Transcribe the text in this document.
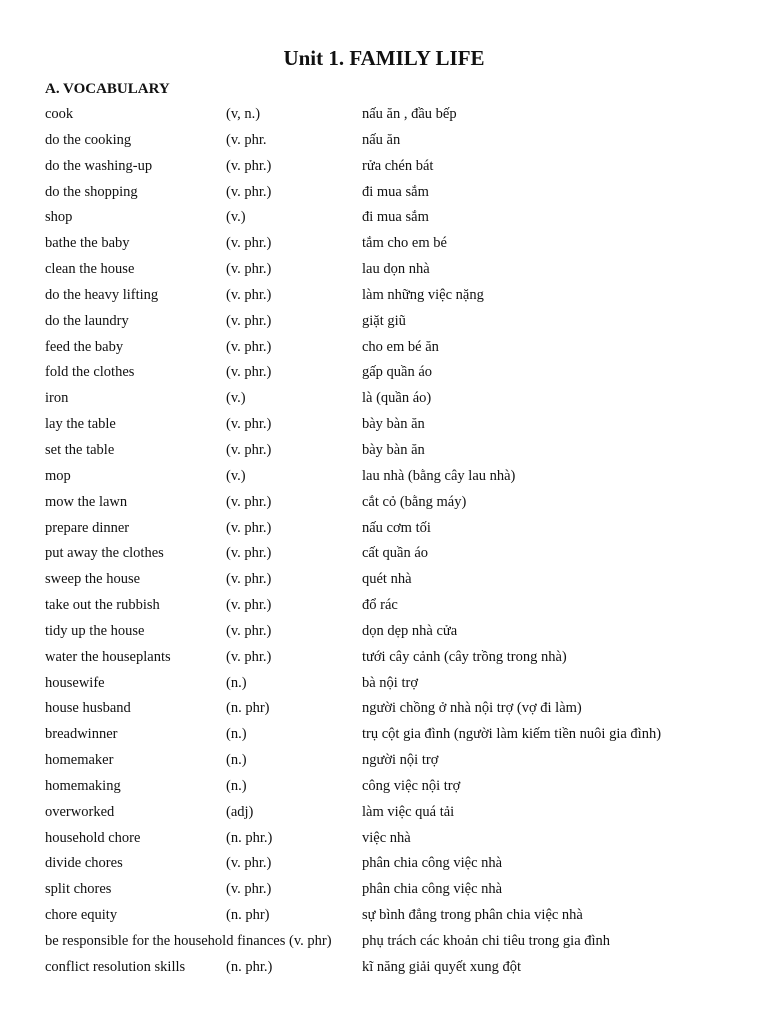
Unit 1. FAMILY LIFE
A. VOCABULARY
cook	(v, n.)	nấu ăn , đầu bếp
do the cooking	(v. phr.	nấu ăn
do the washing-up	(v. phr.)	rửa chén bát
do the shopping	(v. phr.)	đi mua sắm
shop	(v.)	đi mua sắm
bathe the baby	(v. phr.)	tắm cho em bé
clean the house	(v. phr.)	lau dọn nhà
do the heavy lifting	(v. phr.)	làm những việc nặng
do the laundry	(v. phr.)	giặt giũ
feed the baby	(v. phr.)	cho em bé ăn
fold the clothes	(v. phr.)	gấp quần áo
iron	(v.)	là (quần áo)
lay the table	(v. phr.)	bày bàn ăn
set the table	(v. phr.)	bày bàn ăn
mop	(v.)	lau nhà (bằng cây lau nhà)
mow the lawn	(v. phr.)	cắt cỏ (bằng máy)
prepare dinner	(v. phr.)	nấu cơm tối
put away the clothes	(v. phr.)	cất quần áo
sweep the house	(v. phr.)	quét nhà
take out the rubbish	(v. phr.)	đổ rác
tidy up the house	(v. phr.)	dọn dẹp nhà cửa
water the houseplants	(v. phr.)	tưới cây cảnh (cây trồng trong nhà)
housewife	(n.)	bà nội trợ
house husband	(n. phr)	người chồng ở nhà nội trợ (vợ đi làm)
breadwinner	(n.)	trụ cột gia đình (người làm kiếm tiền nuôi gia đình)
homemaker	(n.)	người nội trợ
homemaking	(n.)	công việc nội trợ
overworked	(adj)	làm việc quá tải
household chore	(n. phr.)	việc nhà
divide chores	(v. phr.)	phân chia công việc nhà
split chores	(v. phr.)	phân chia công việc nhà
chore equity	(n. phr)	sự bình đẳng trong phân chia việc nhà
be responsible for the household finances (v. phr) phụ trách các khoản chi tiêu trong gia đình
conflict resolution skills	(n. phr.)	kĩ năng giải quyết xung đột
